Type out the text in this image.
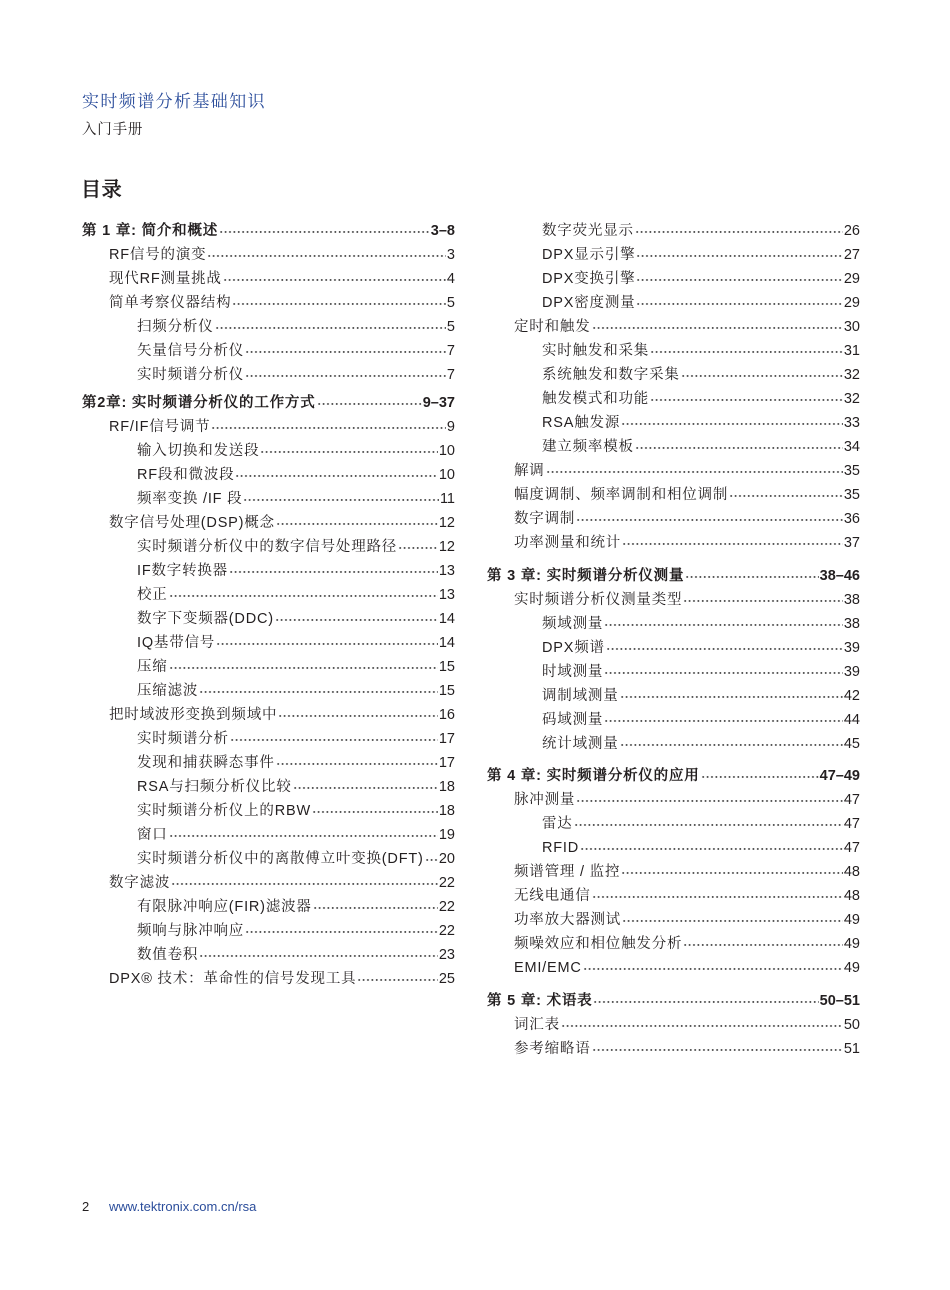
实时频谱分析基础知识
入门手册
目录
第 1 章: 简介和概述	3–8
RF信号的演变	3
现代RF测量挑战	4
简单考察仪器结构	5
扫频分析仪	5
矢量信号分析仪	7
实时频谱分析仪	7
第2章: 实时频谱分析仪的工作方式	9–37
RF/IF信号调节	9
输入切换和发送段	10
RF段和微波段	10
频率变换 /IF 段	11
数字信号处理(DSP)概念	12
实时频谱分析仪中的数字信号处理路径	12
IF数字转换器	13
校正	13
数字下变频器(DDC)	14
IQ基带信号	14
压缩	15
压缩滤波	15
把时域波形变换到频域中	16
实时频谱分析	17
发现和捕获瞬态事件	17
RSA与扫频分析仪比较	18
实时频谱分析仪上的RBW	18
窗口	19
实时频谱分析仪中的离散傅立叶变换(DFT) 20
数字滤波	22
有限脉冲响应(FIR)滤波器	22
频响与脉冲响应	22
数值卷积	23
DPX® 技术：革命性的信号发现工具	25
数字荧光显示	26
DPX显示引擎	27
DPX变换引擎	29
DPX密度测量	29
定时和触发	30
实时触发和采集	31
系统触发和数字采集	32
触发模式和功能	32
RSA触发源	33
建立频率模板	34
解调	35
幅度调制、频率调制和相位调制	35
数字调制	36
功率测量和统计	37
第 3 章: 实时频谱分析仪测量	38–46
实时频谱分析仪测量类型	38
频域测量	38
DPX频谱	39
时域测量	39
调制域测量	42
码域测量	44
统计域测量	45
第 4 章: 实时频谱分析仪的应用	47–49
脉冲测量	47
雷达	47
RFID	47
频谱管理 / 监控	48
无线电通信	48
功率放大器测试	49
频噪效应和相位触发分析	49
EMI/EMC	49
第 5 章: 术语表	50–51
词汇表	50
参考缩略语	51
2 www.tektronix.com.cn/rsa
